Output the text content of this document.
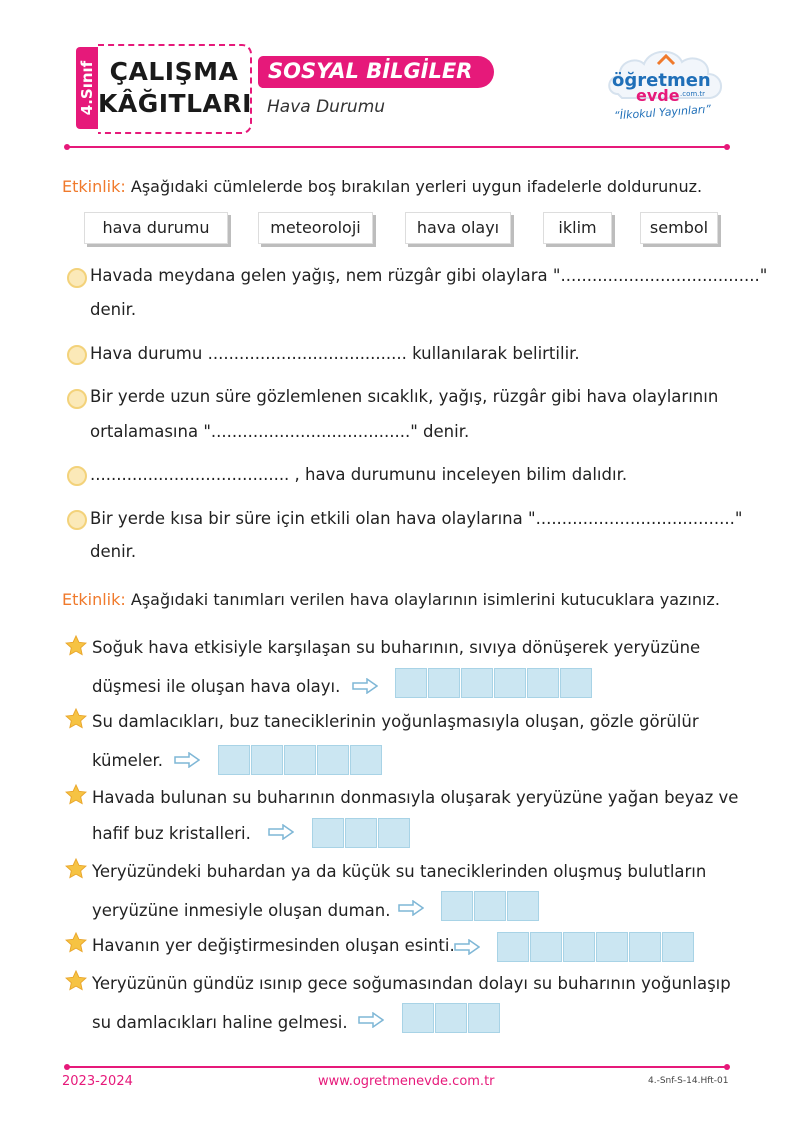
4.Sınıf ÇALIŞMA
KÂĞITLARI
SOSYAL BİLGİLER
Hava Durumu
öğretmen
evde .com.tr
“İlkokul Yayınları”
Etkinlik: Aşağıdaki cümlelerde boş bırakılan yerleri uygun ifadelerle doldurunuz.
hava durumu	meteoroloji	hava olayı	iklim	sembol
Havada meydana gelen yağış, nem rüzgâr gibi olaylara "......................................"
denir.
Hava durumu ...................................... kullanılarak belirtilir.
Bir yerde uzun süre gözlemlenen sıcaklık, yağış, rüzgâr gibi hava olaylarının
ortalamasına "......................................" denir.
...................................... , hava durumunu inceleyen bilim dalıdır.
Bir yerde kısa bir süre için etkili olan hava olaylarına "......................................"
denir.
Etkinlik: Aşağıdaki tanımları verilen hava olaylarının isimlerini kutucuklara yazınız.
Soğuk hava etkisiyle karşılaşan su buharının, sıvıya dönüşerek yeryüzüne
düşmesi ile oluşan hava olayı.
Su damlacıkları, buz taneciklerinin yoğunlaşmasıyla oluşan, gözle görülür
kümeler.
Havada bulunan su buharının donmasıyla oluşarak yeryüzüne yağan beyaz ve
hafif buz kristalleri.
Yeryüzündeki buhardan ya da küçük su taneciklerinden oluşmuş bulutların
yeryüzüne inmesiyle oluşan duman.
Havanın yer değiştirmesinden oluşan esinti.
Yeryüzünün gündüz ısınıp gece soğumasından dolayı su buharının yoğunlaşıp
su damlacıkları haline gelmesi.
2023-2024	www.ogretmenevde.com.tr	4.-Snf-S-14.Hft-01
